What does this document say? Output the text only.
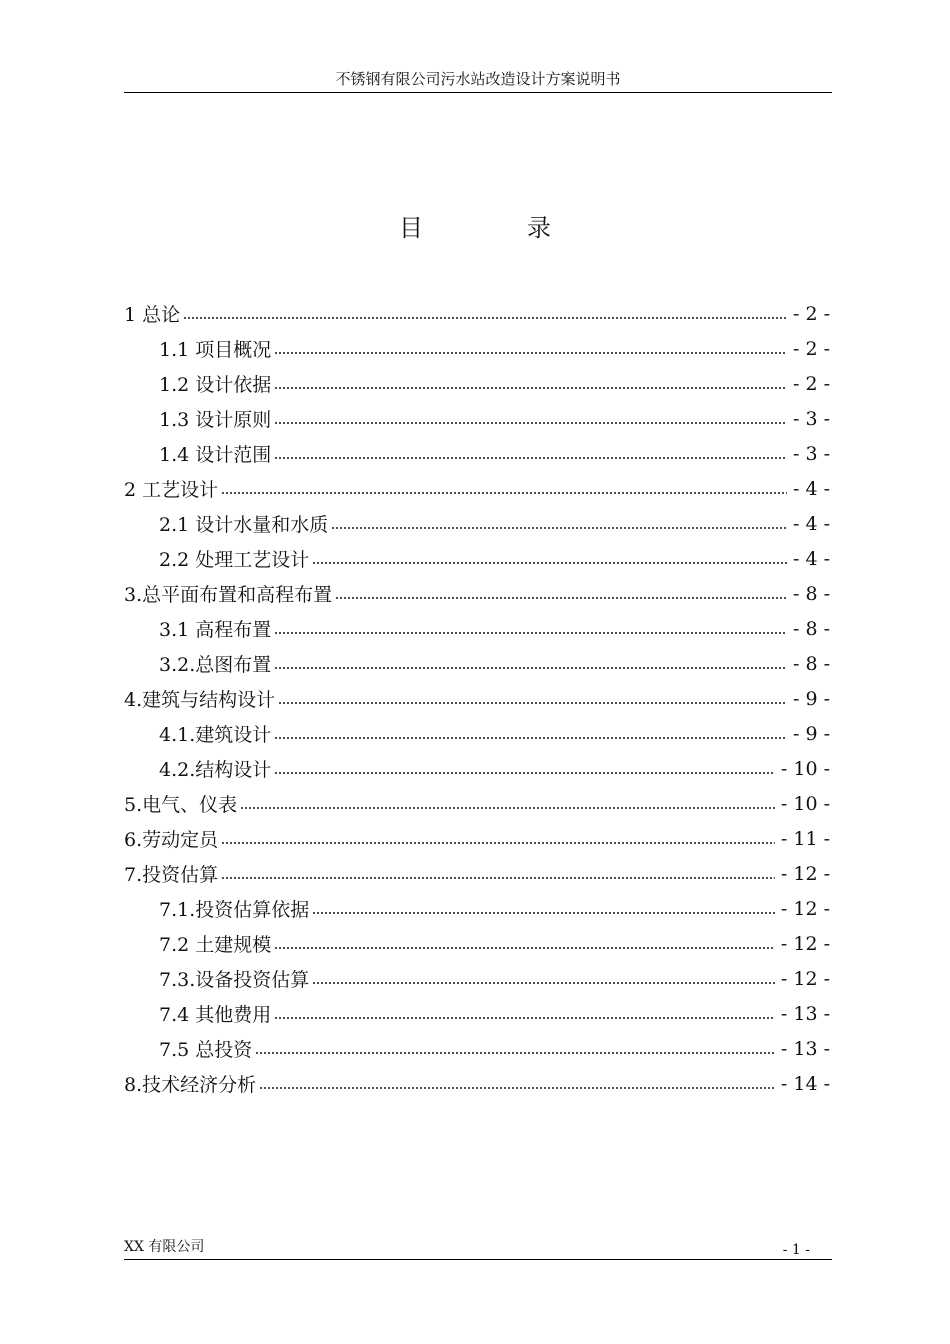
不锈钢有限公司污水站改造设计方案说明书
目录
1 总论	- 2 -
1.1 项目概况	- 2 -
1.2 设计依据	- 2 -
1.3 设计原则	- 3 -
1.4 设计范围	- 3 -
2 工艺设计	- 4 -
2.1 设计水量和水质	- 4 -
2.2 处理工艺设计	- 4 -
3.总平面布置和高程布置	- 8 -
3.1 高程布置	- 8 -
3.2.总图布置	- 8 -
4.建筑与结构设计	- 9 -
4.1.建筑设计	- 9 -
4.2.结构设计	- 10 -
5.电气、仪表	- 10 -
6.劳动定员	- 11 -
7.投资估算	- 12 -
7.1.投资估算依据	- 12 -
7.2 土建规模	- 12 -
7.3.设备投资估算	- 12 -
7.4 其他费用	- 13 -
7.5 总投资	- 13 -
8.技术经济分析	- 14 -
XX 有限公司	- 1 -
